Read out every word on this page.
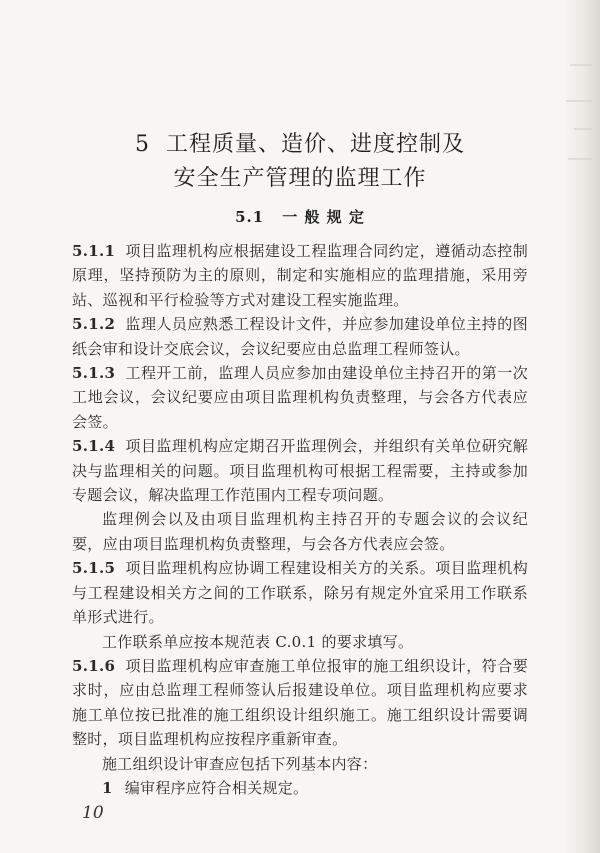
5 工程质量、造价、进度控制及
安全生产管理的监理工作
5.1 一 般 规 定

5.1.1 项目监理机构应根据建设工程监理合同约定，遵循动态控制原理，坚持预防为主的原则，制定和实施相应的监理措施，采用旁站、巡视和平行检验等方式对建设工程实施监理。

5.1.2 监理人员应熟悉工程设计文件，并应参加建设单位主持的图纸会审和设计交底会议，会议纪要应由总监理工程师签认。

5.1.3 工程开工前，监理人员应参加由建设单位主持召开的第一次工地会议，会议纪要应由项目监理机构负责整理，与会各方代表应会签。

5.1.4 项目监理机构应定期召开监理例会，并组织有关单位研究解决与监理相关的问题。项目监理机构可根据工程需要，主持或参加专题会议，解决监理工作范围内工程专项问题。

监理例会以及由项目监理机构主持召开的专题会议的会议纪要，应由项目监理机构负责整理，与会各方代表应会签。

5.1.5 项目监理机构应协调工程建设相关方的关系。项目监理机构与工程建设相关方之间的工作联系，除另有规定外宜采用工作联系单形式进行。

工作联系单应按本规范表 C.0.1 的要求填写。

5.1.6 项目监理机构应审查施工单位报审的施工组织设计，符合要求时，应由总监理工程师签认后报建设单位。项目监理机构应要求施工单位按已批准的施工组织设计组织施工。施工组织设计需要调整时，项目监理机构应按程序重新审查。

施工组织设计审查应包括下列基本内容：

1 编审程序应符合相关规定。

10
